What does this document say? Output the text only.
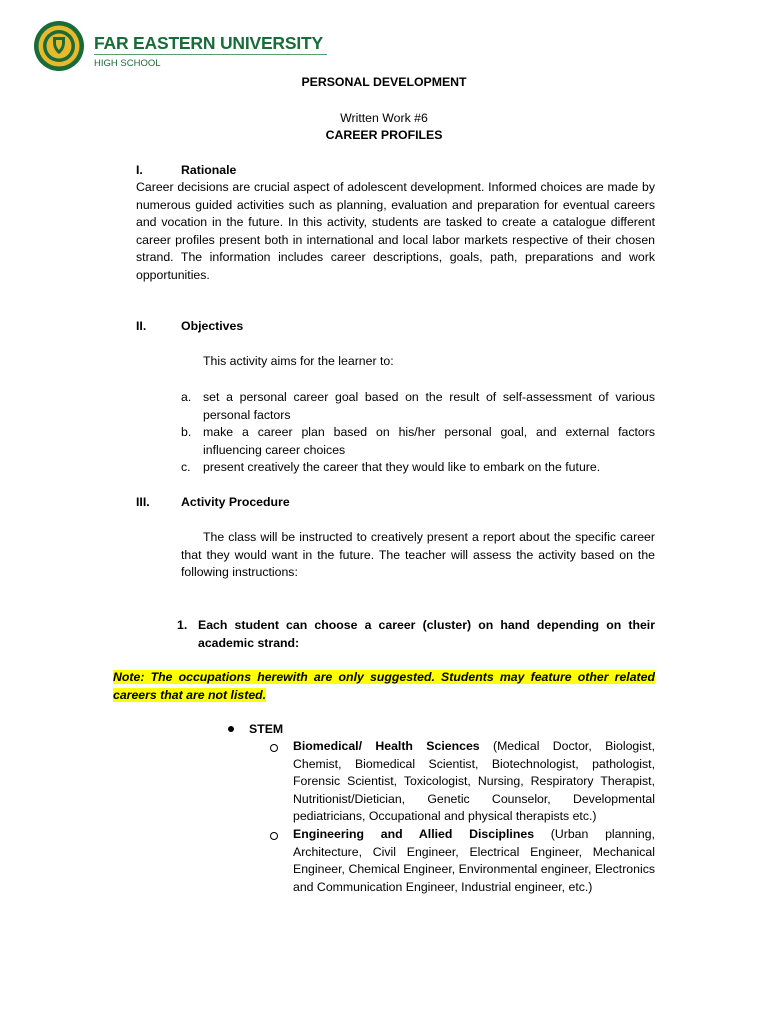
FAR EASTERN UNIVERSITY
HIGH SCHOOL
PERSONAL DEVELOPMENT
Written Work #6
CAREER PROFILES
I.	Rationale
Career decisions are crucial aspect of adolescent development. Informed choices are made by numerous guided activities such as planning, evaluation and preparation for eventual careers and vocation in the future. In this activity, students are tasked to create a catalogue different career profiles present both in international and local labor markets respective of their chosen strand. The information includes career descriptions, goals, path, preparations and work opportunities.
II.	Objectives
This activity aims for the learner to:
a. set a personal career goal based on the result of self-assessment of various personal factors
b. make a career plan based on his/her personal goal, and external factors influencing career choices
c. present creatively the career that they would like to embark on the future.
III.	Activity Procedure
The class will be instructed to creatively present a report about the specific career that they would want in the future. The teacher will assess the activity based on the following instructions:
1. Each student can choose a career (cluster) on hand depending on their academic strand:
Note: The occupations herewith are only suggested. Students may feature other related careers that are not listed.
STEM
Biomedical/ Health Sciences (Medical Doctor, Biologist, Chemist, Biomedical Scientist, Biotechnologist, pathologist, Forensic Scientist, Toxicologist, Nursing, Respiratory Therapist, Nutritionist/Dietician, Genetic Counselor, Developmental pediatricians, Occupational and physical therapists etc.)
Engineering and Allied Disciplines (Urban planning, Architecture, Civil Engineer, Electrical Engineer, Mechanical Engineer, Chemical Engineer, Environmental engineer, Electronics and Communication Engineer, Industrial engineer, etc.)
